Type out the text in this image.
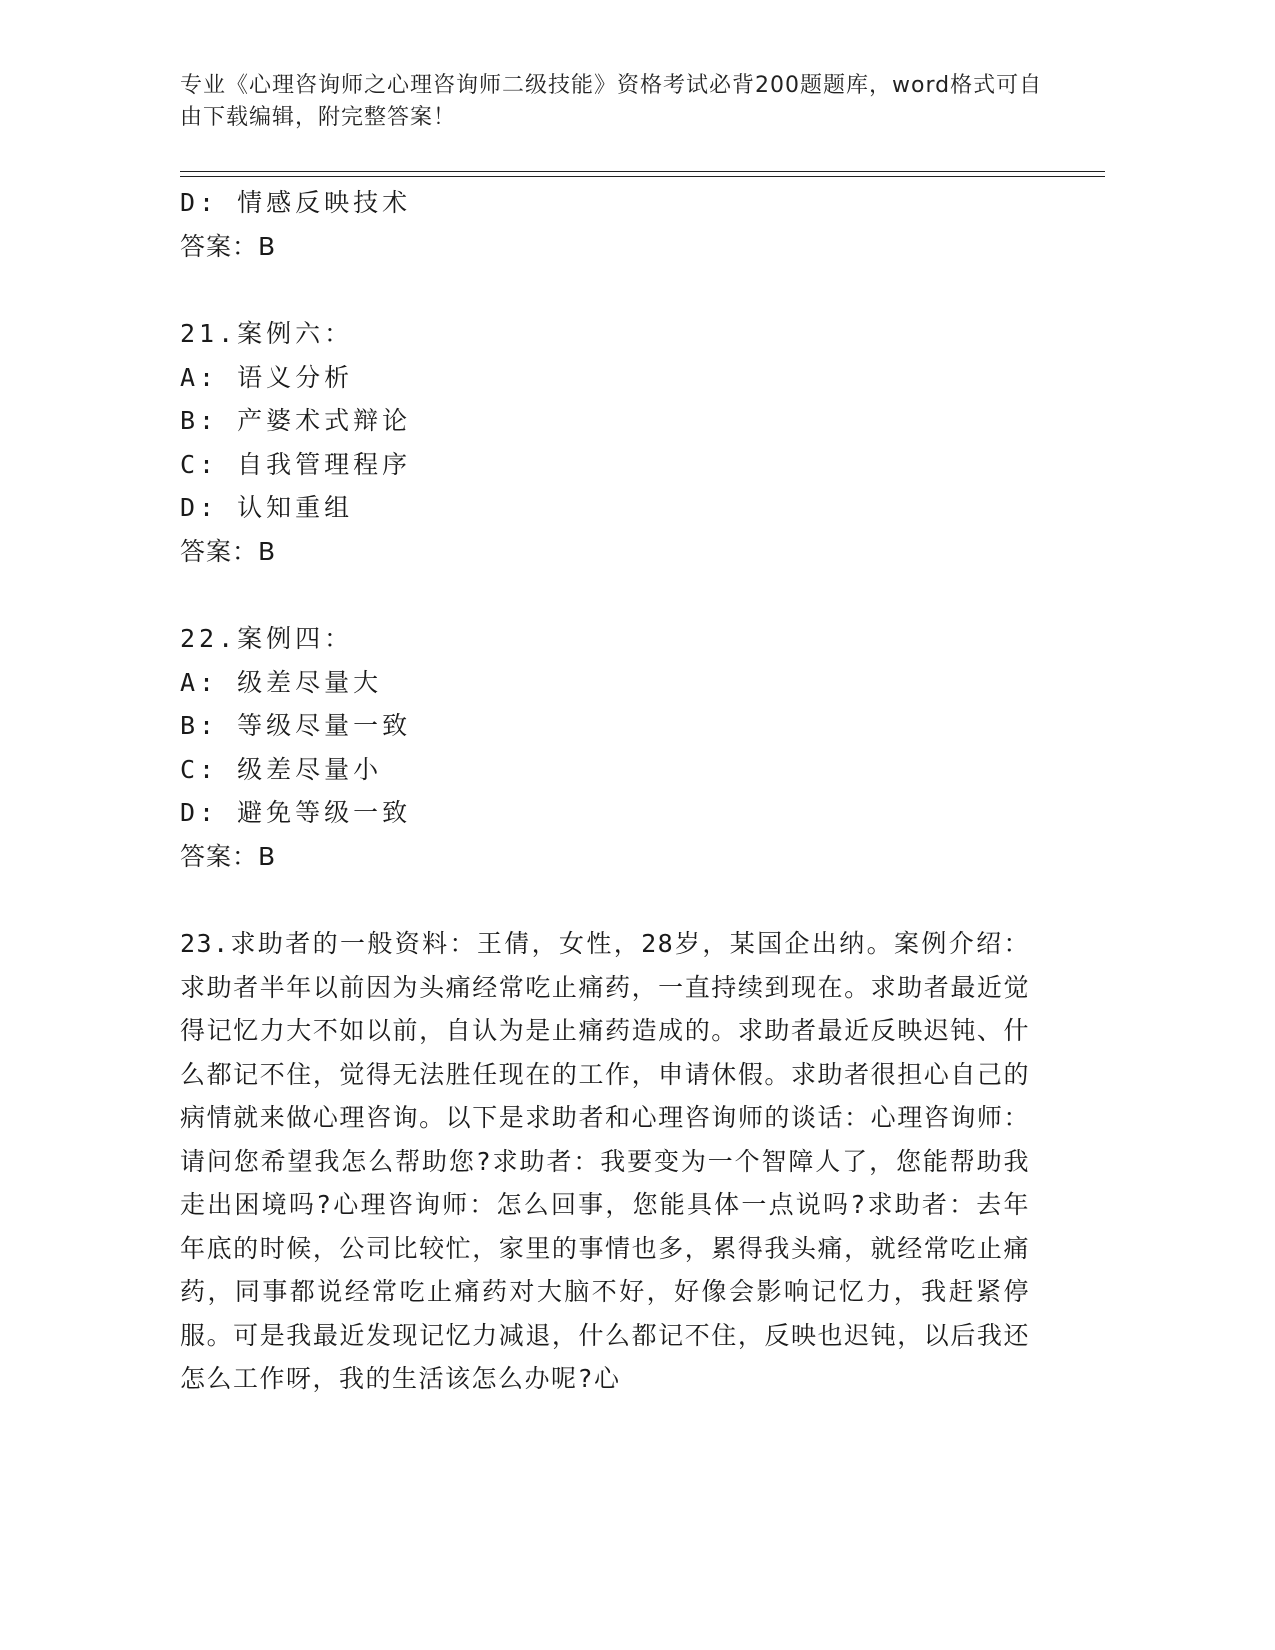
专业《心理咨询师之心理咨询师二级技能》资格考试必背200题题库，word格式可自由下载编辑，附完整答案！
D: 情感反映技术
答案：B
21.案例六：
A: 语义分析
B: 产婆术式辩论
C: 自我管理程序
D: 认知重组
答案：B
22.案例四：
A: 级差尽量大
B: 等级尽量一致
C: 级差尽量小
D: 避免等级一致
答案：B

23.求助者的一般资料：王倩，女性，28岁，某国企出纳。案例介绍：求助者半年以前因为头痛经常吃止痛药，一直持续到现在。求助者最近觉得记忆力大不如以前，自认为是止痛药造成的。求助者最近反映迟钝、什么都记不住，觉得无法胜任现在的工作，申请休假。求助者很担心自己的病情就来做心理咨询。以下是求助者和心理咨询师的谈话：心理咨询师：请问您希望我怎么帮助您?求助者：我要变为一个智障人了，您能帮助我走出困境吗?心理咨询师：怎么回事，您能具体一点说吗?求助者：去年年底的时候，公司比较忙，家里的事情也多，累得我头痛，就经常吃止痛药，同事都说经常吃止痛药对大脑不好，好像会影响记忆力，我赶紧停服。可是我最近发现记忆力减退，什么都记不住，反映也迟钝，以后我还怎么工作呀，我的生活该怎么办呢?心
